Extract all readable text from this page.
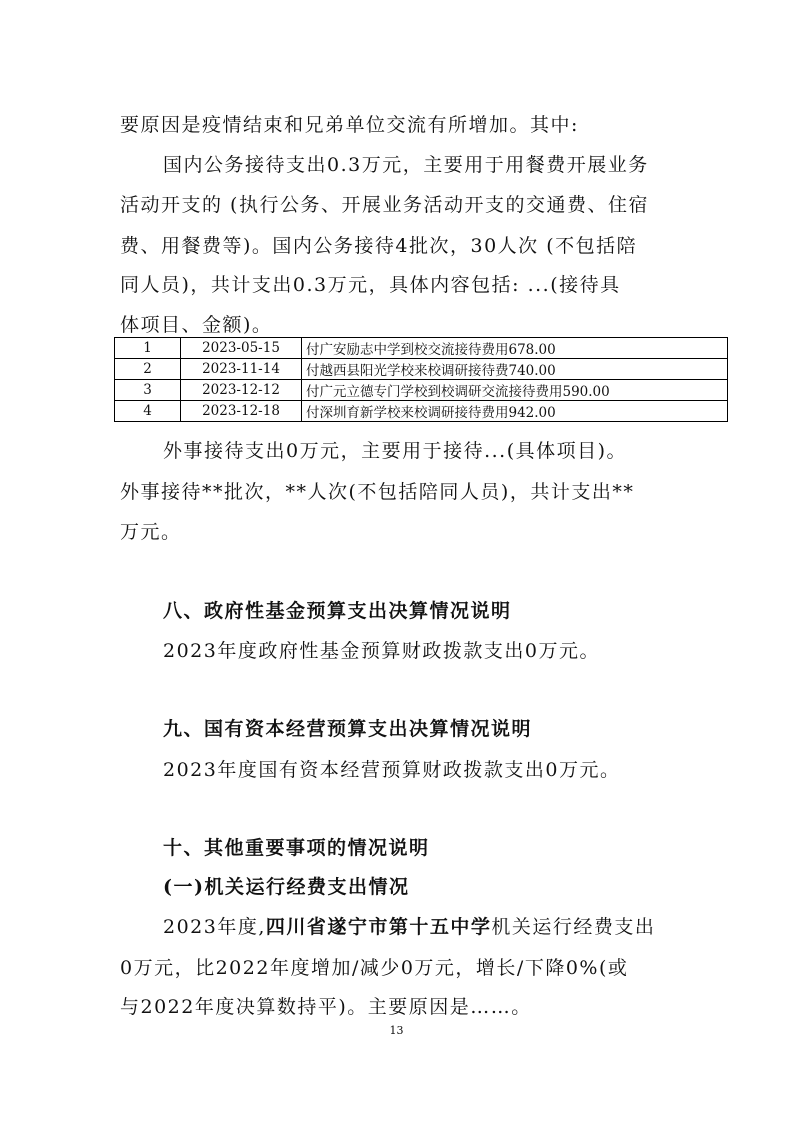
要原因是疫情结束和兄弟单位交流有所增加。其中:
国内公务接待支出0.3万元，主要用于用餐费开展业务
活动开支的 (执行公务、开展业务活动开支的交通费、住宿
费、用餐费等)。国内公务接待4批次，30人次 (不包括陪
同人员)，共计支出0.3万元，具体内容包括: ...(接待具
体项目、金额)。
1	2023-05-15	付广安励志中学到校交流接待费用678.00
2	2023-11-14	付越西县阳光学校来校调研接待费740.00
3	2023-12-12	付广元立德专门学校到校调研交流接待费用590.00
4	2023-12-18	付深圳育新学校来校调研接待费用942.00
外事接待支出0万元，主要用于接待...(具体项目)。
外事接待**批次，**人次(不包括陪同人员)，共计支出**
万元。
八、政府性基金预算支出决算情况说明
2023年度政府性基金预算财政拨款支出0万元。
九、国有资本经营预算支出决算情况说明
2023年度国有资本经营预算财政拨款支出0万元。
十、其他重要事项的情况说明
(一)机关运行经费支出情况
2023年度,四川省遂宁市第十五中学机关运行经费支出
0万元，比2022年度增加/减少0万元，增长/下降0%(或
与2022年度决算数持平)。主要原因是……。
13
